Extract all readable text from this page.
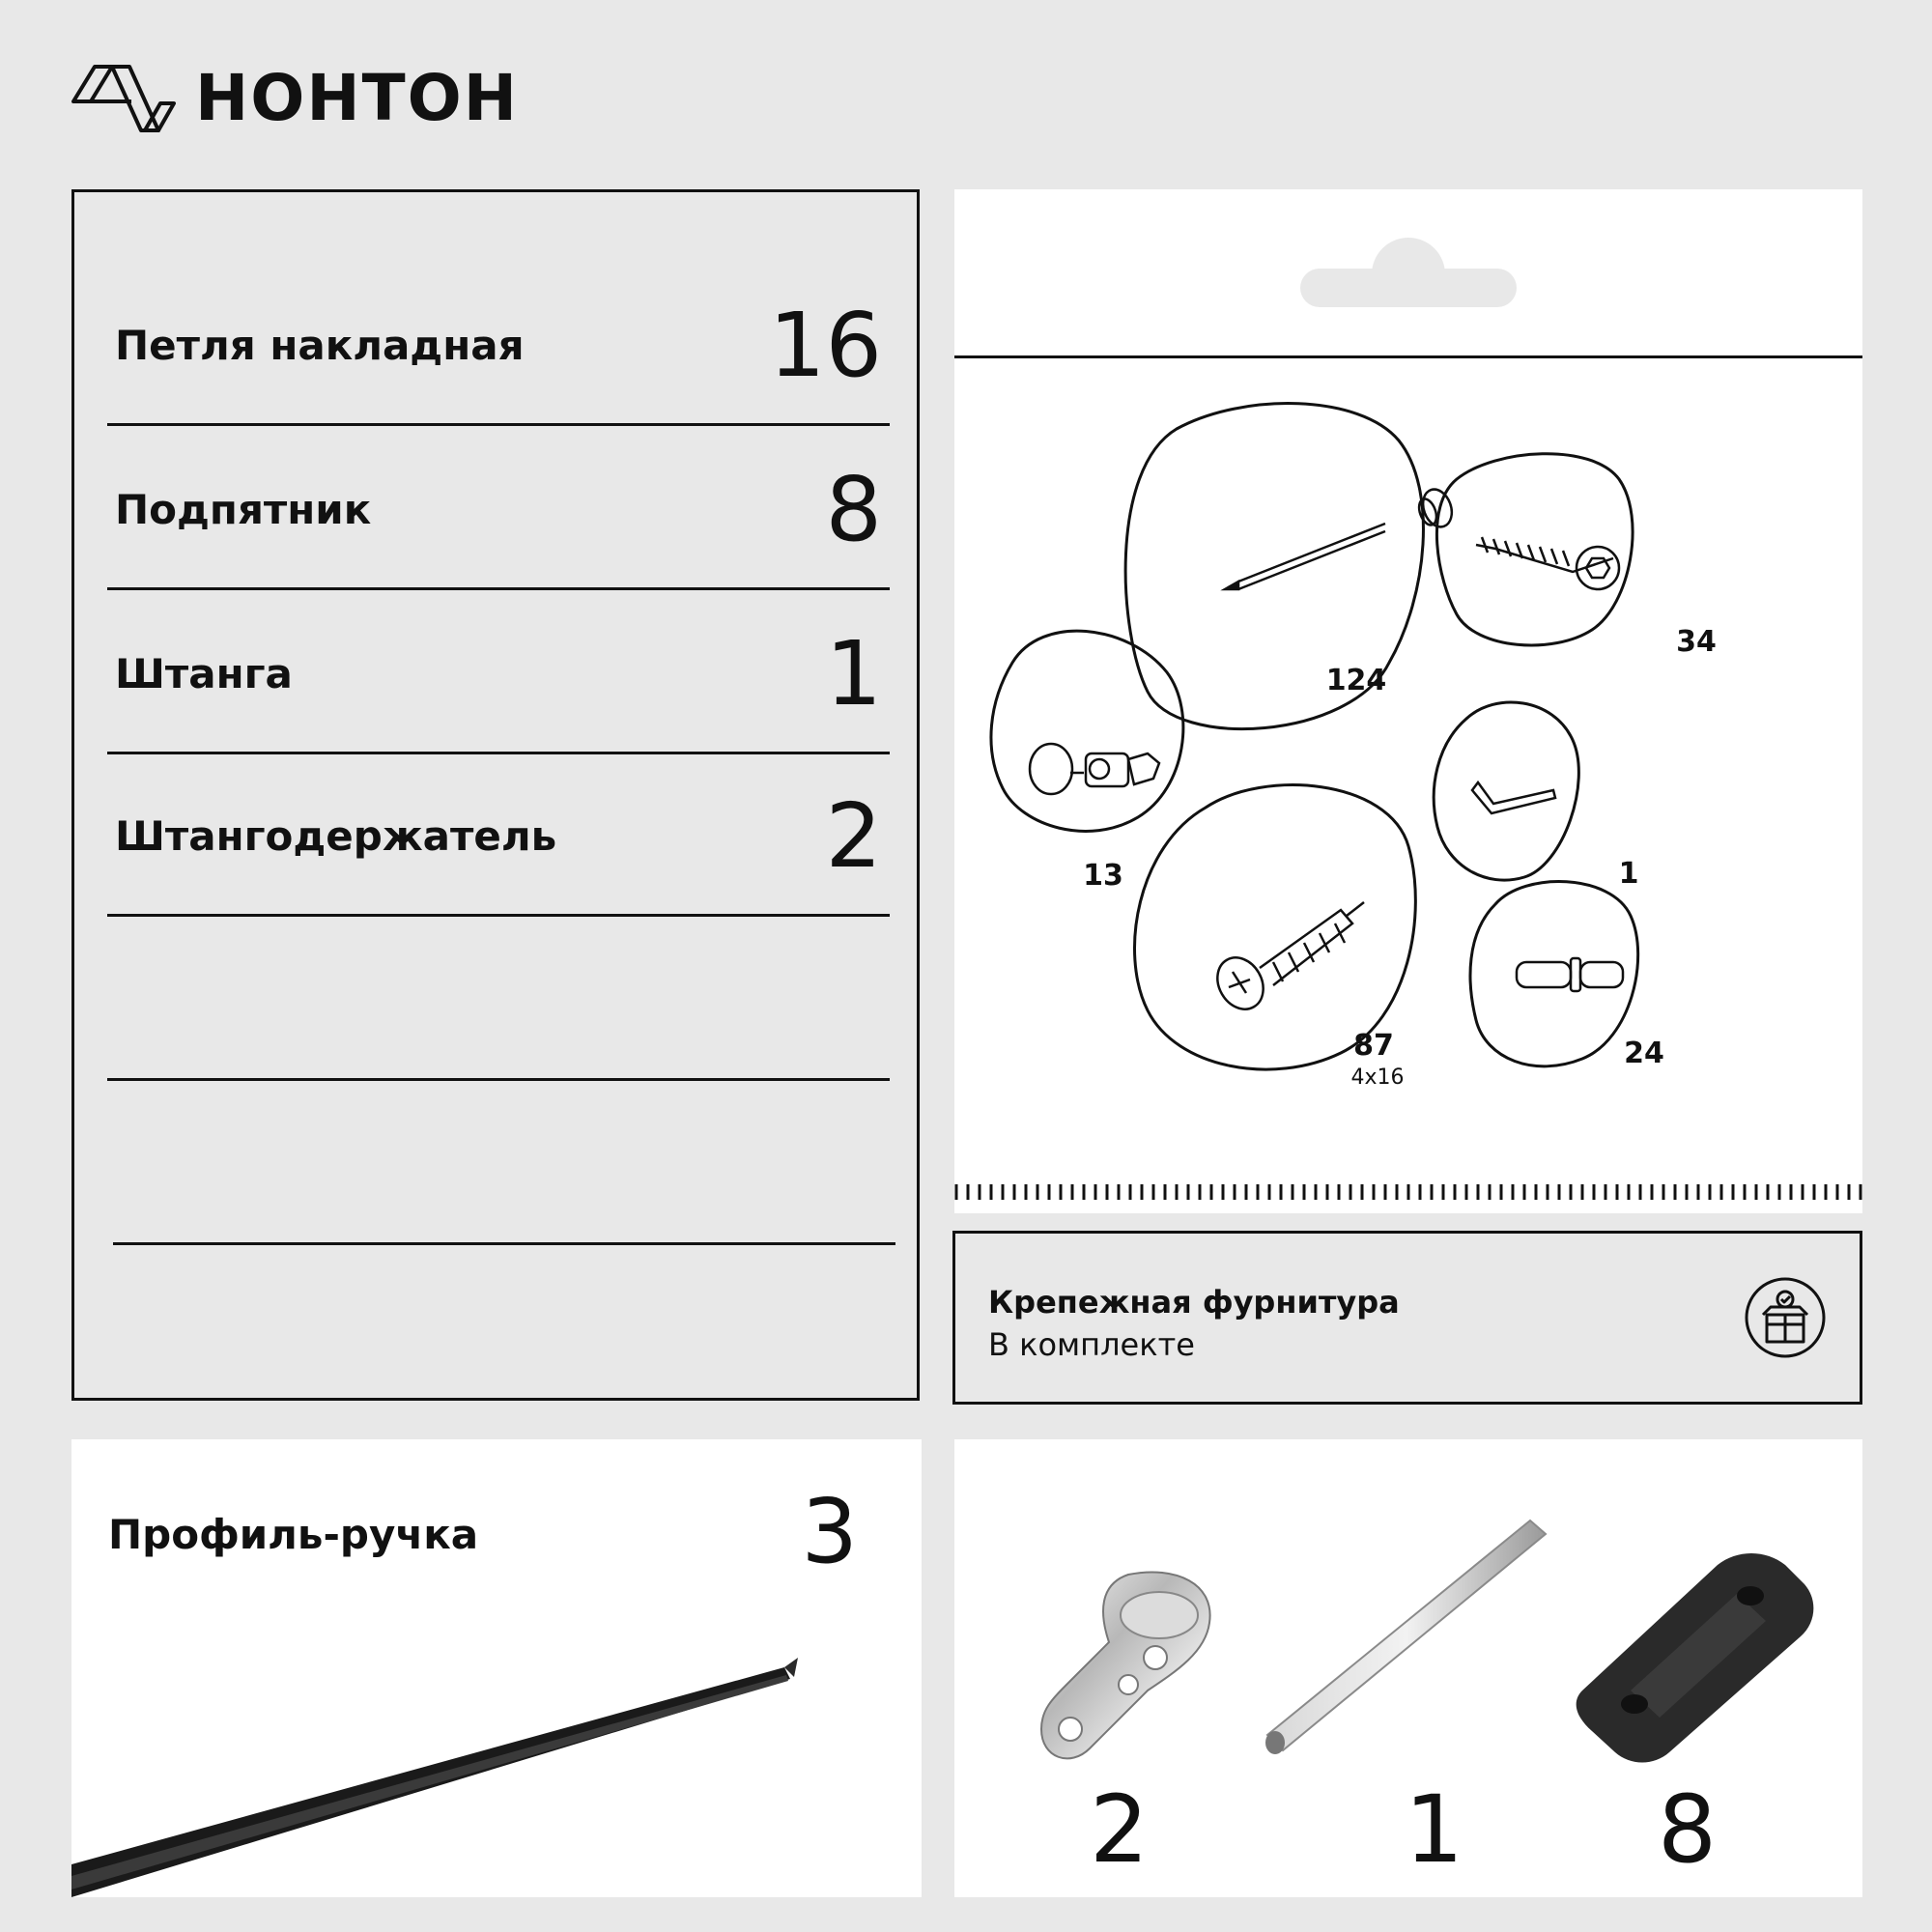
НОНТОН
Петля накладная	16
Подпятник	8
Штанга	1
Штангодержатель	2
124
34
13	1
87	24
4x16
Крепежная фурнитура
В комплекте
Профиль-ручка	3
2	1 8
